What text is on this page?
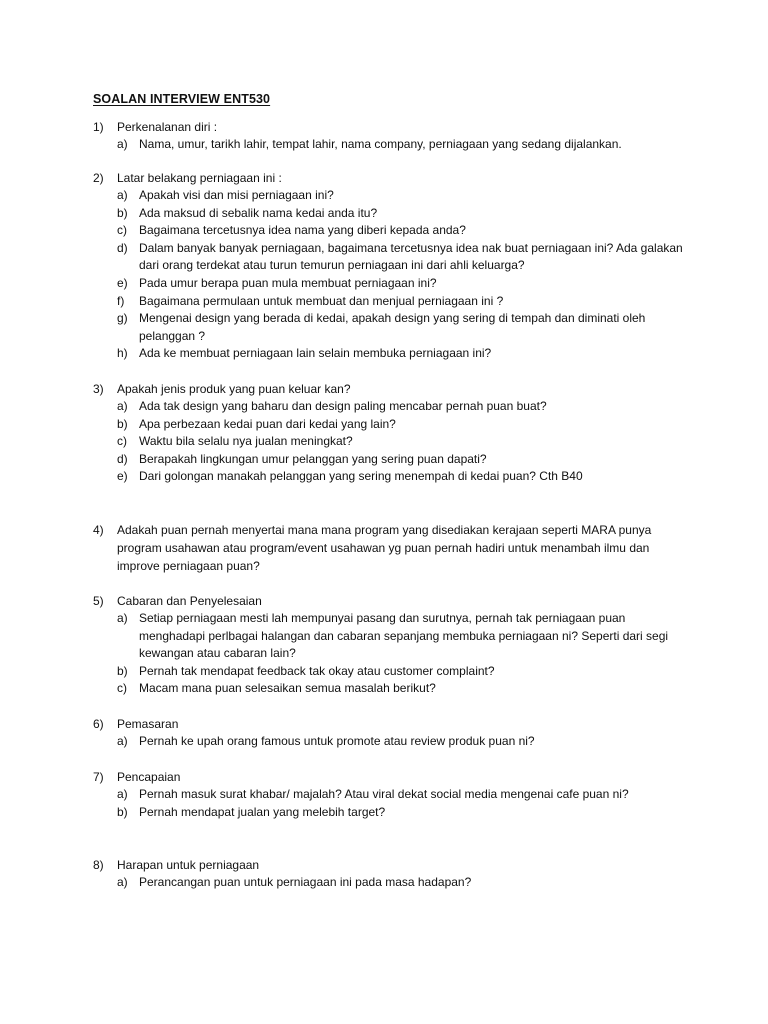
SOALAN INTERVIEW ENT530
1) Perkenalanan diri :
a) Nama, umur, tarikh lahir, tempat lahir, nama company, perniagaan yang sedang dijalankan.
2) Latar belakang perniagaan ini :
a) Apakah visi dan misi perniagaan ini?
b) Ada maksud di sebalik nama kedai anda itu?
c) Bagaimana tercetusnya idea nama yang diberi kepada anda?
d) Dalam banyak banyak perniagaan, bagaimana tercetusnya idea nak buat perniagaan ini? Ada galakan dari orang terdekat atau turun temurun perniagaan ini dari ahli keluarga?
e) Pada umur berapa puan mula membuat perniagaan ini?
f) Bagaimana permulaan untuk membuat dan menjual perniagaan ini ?
g) Mengenai design yang berada di kedai, apakah design yang sering di tempah dan diminati oleh pelanggan ?
h) Ada ke membuat perniagaan lain selain membuka perniagaan ini?
3) Apakah jenis produk yang puan keluar kan?
a) Ada tak design yang baharu dan design paling mencabar pernah puan buat?
b) Apa perbezaan kedai puan dari kedai yang lain?
c) Waktu bila selalu nya jualan meningkat?
d) Berapakah lingkungan umur pelanggan yang sering puan dapati?
e) Dari golongan manakah pelanggan yang sering menempah di kedai puan? Cth B40
4) Adakah puan pernah menyertai mana mana program yang disediakan kerajaan seperti MARA punya program usahawan atau program/event usahawan yg puan pernah hadiri untuk menambah ilmu dan improve perniagaan puan?
5) Cabaran dan Penyelesaian
a) Setiap perniagaan mesti lah mempunyai pasang dan surutnya, pernah tak perniagaan puan menghadapi perlbagai halangan dan cabaran sepanjang membuka perniagaan ni? Seperti dari segi kewangan atau cabaran lain?
b) Pernah tak mendapat feedback tak okay atau customer complaint?
c) Macam mana puan selesaikan semua masalah berikut?
6) Pemasaran
a) Pernah ke upah orang famous untuk promote atau review produk puan ni?
7) Pencapaian
a) Pernah masuk surat khabar/ majalah? Atau viral dekat social media mengenai cafe puan ni?
b) Pernah mendapat jualan yang melebih target?
8) Harapan untuk perniagaan
a) Perancangan puan untuk perniagaan ini pada masa hadapan?
